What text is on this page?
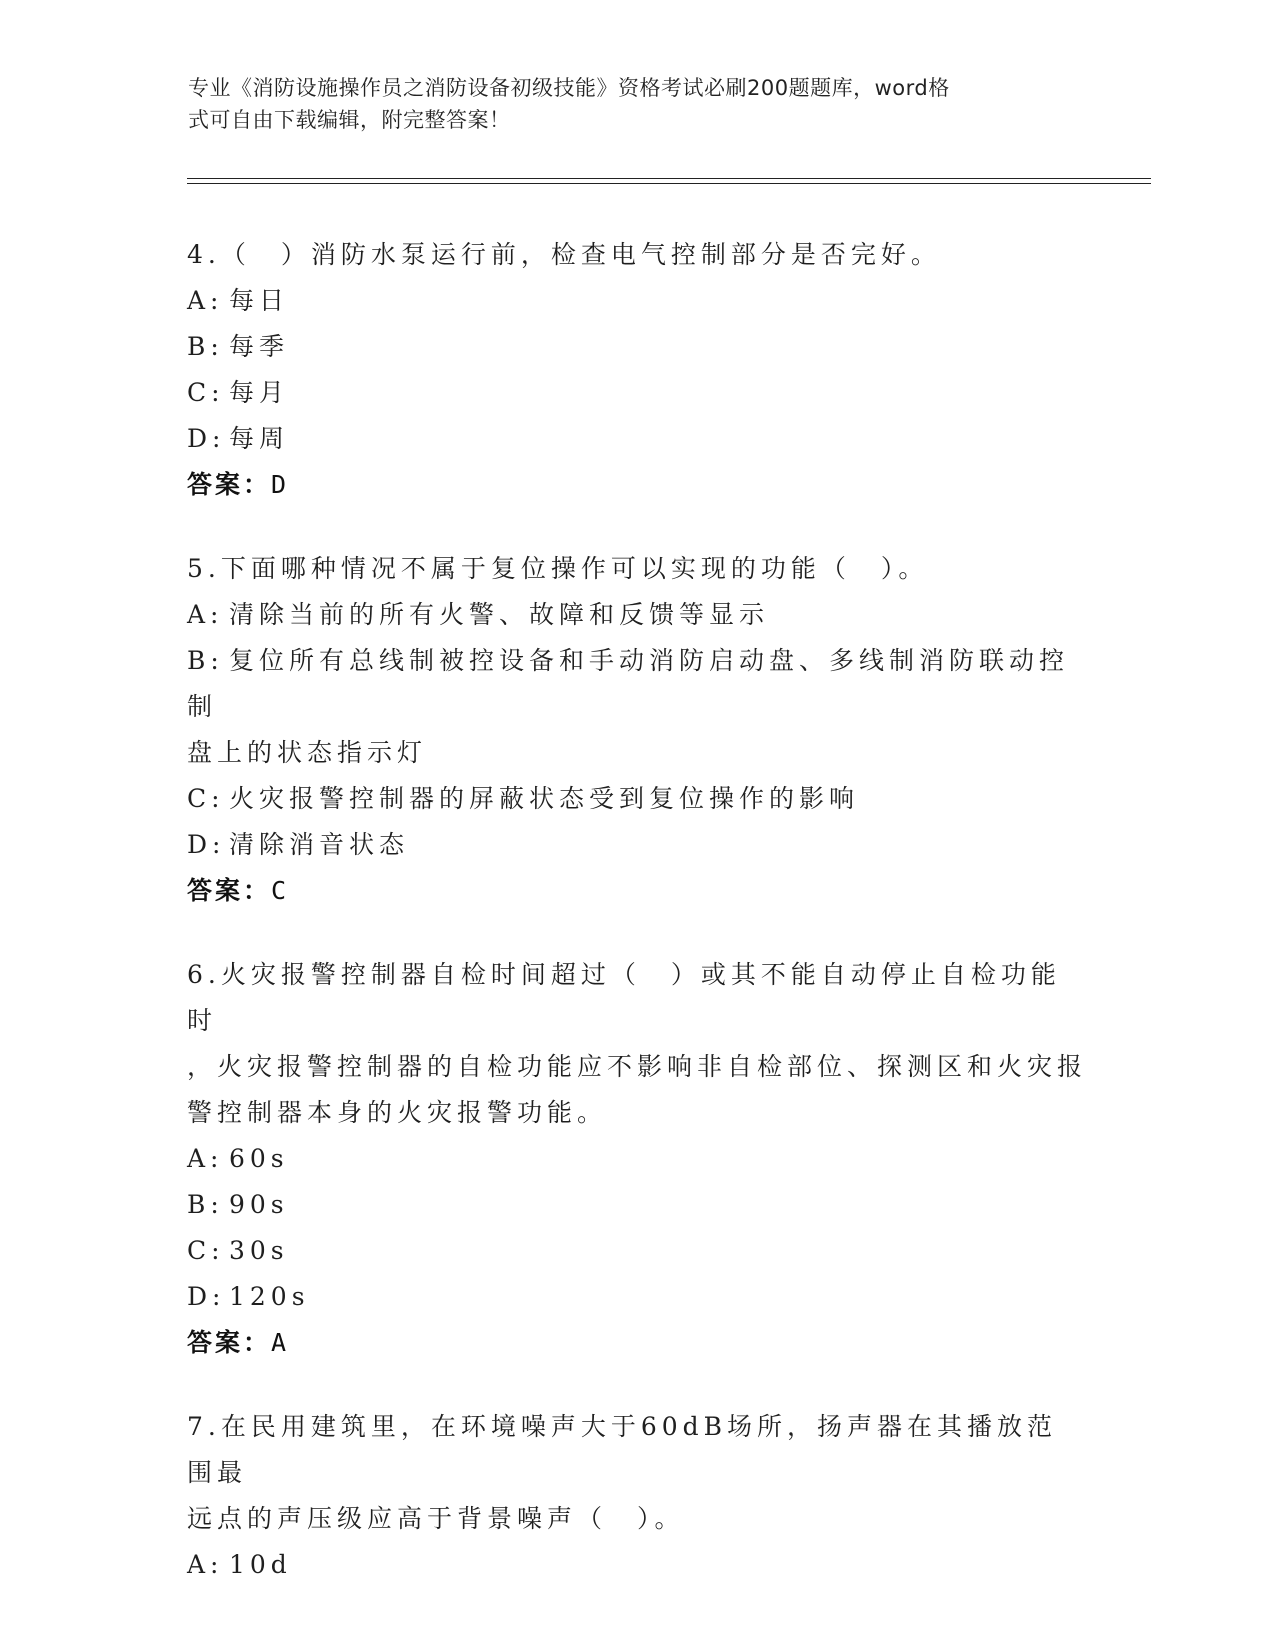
专业《消防设施操作员之消防设备初级技能》资格考试必刷200题题库，word格
式可自由下载编辑，附完整答案！
4.（　）消防水泵运行前，检查电气控制部分是否完好。
A: 每日
B: 每季
C: 每月
D: 每周
答案：D
5.下面哪种情况不属于复位操作可以实现的功能（　）。
A: 清除当前的所有火警、故障和反馈等显示
B: 复位所有总线制被控设备和手动消防启动盘、多线制消防联动控制
盘上的状态指示灯
C: 火灾报警控制器的屏蔽状态受到复位操作的影响
D: 清除消音状态
答案：C
6.火灾报警控制器自检时间超过（　）或其不能自动停止自检功能时
，火灾报警控制器的自检功能应不影响非自检部位、探测区和火灾报
警控制器本身的火灾报警功能。
A: 60s
B: 90s
C: 30s
D: 120s
答案：A
7.在民用建筑里，在环境噪声大于60dB场所，扬声器在其播放范围最
远点的声压级应高于背景噪声（　）。
A: 10d
